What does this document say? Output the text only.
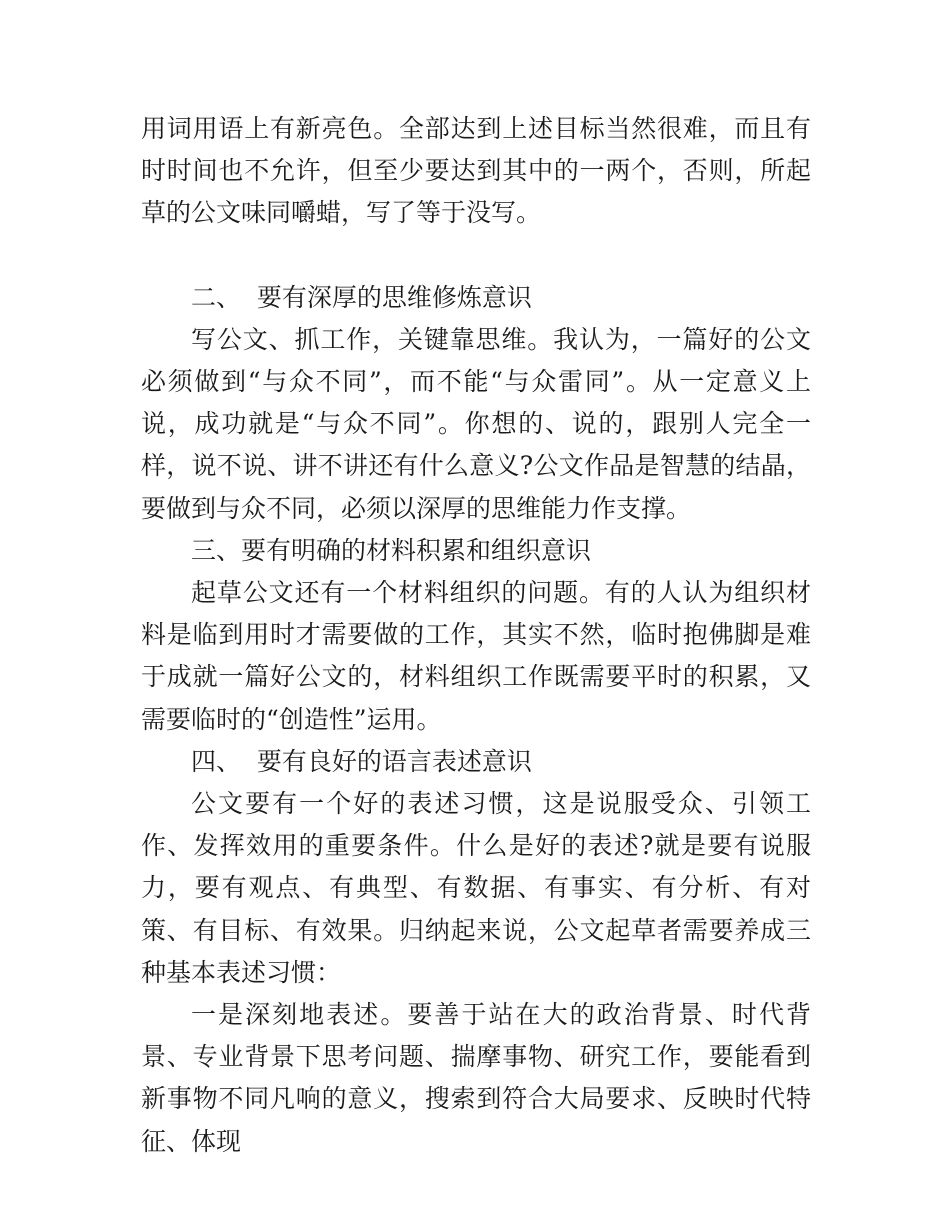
用词用语上有新亮色。全部达到上述目标当然很难，而且有时时间也不允许，但至少要达到其中的一两个，否则，所起草的公文味同嚼蜡，写了等于没写。

二、  要有深厚的思维修炼意识

写公文、抓工作，关键靠思维。我认为，一篇好的公文必须做到“与众不同”，而不能“与众雷同”。从一定意义上说，成功就是“与众不同”。你想的、说的，跟别人完全一样，说不说、讲不讲还有什么意义?公文作品是智慧的结晶，要做到与众不同，必须以深厚的思维能力作支撑。

三、要有明确的材料积累和组织意识

起草公文还有一个材料组织的问题。有的人认为组织材料是临到用时才需要做的工作，其实不然，临时抱佛脚是难于成就一篇好公文的，材料组织工作既需要平时的积累，又需要临时的“创造性”运用。

四、  要有良好的语言表述意识

公文要有一个好的表述习惯，这是说服受众、引领工作、发挥效用的重要条件。什么是好的表述?就是要有说服力，要有观点、有典型、有数据、有事实、有分析、有对策、有目标、有效果。归纳起来说，公文起草者需要养成三种基本表述习惯：

一是深刻地表述。要善于站在大的政治背景、时代背景、专业背景下思考问题、揣摩事物、研究工作，要能看到新事物不同凡响的意义，搜索到符合大局要求、反映时代特征、体现
